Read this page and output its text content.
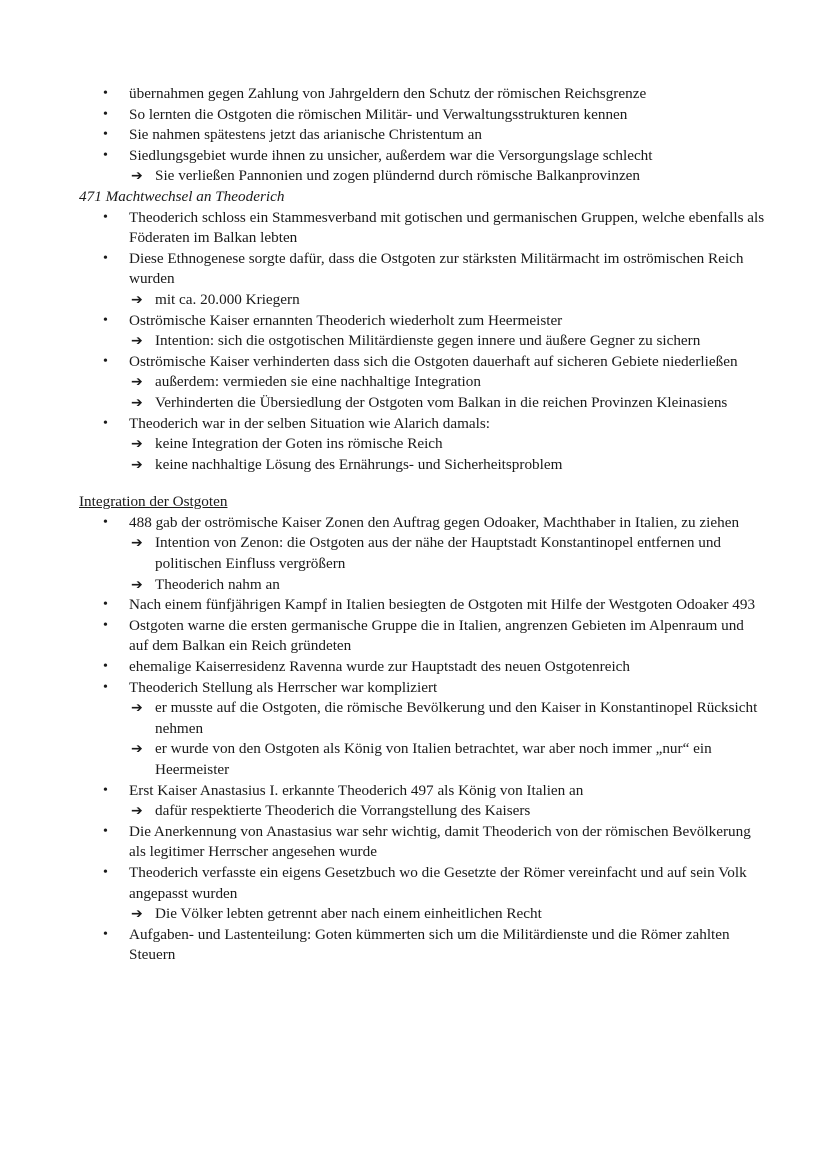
• übernahmen gegen Zahlung von Jahrgeldern den Schutz der römischen Reichsgrenze

• So lernten die Ostgoten die römischen Militär- und Verwaltungsstrukturen kennen

• Sie nahmen spätestens jetzt das arianische Christentum an

• Siedlungsgebiet wurde ihnen zu unsicher, außerdem war die Versorgungslage schlecht

➔ Sie verließen Pannonien und zogen plündernd durch römische Balkanprovinzen

471 Machtwechsel an Theoderich

• Theoderich schloss ein Stammesverband mit gotischen und germanischen Gruppen, welche ebenfalls als Föderaten im Balkan lebten

• Diese Ethnogenese sorgte dafür, dass die Ostgoten zur stärksten Militärmacht im oströmischen Reich wurden

➔ mit ca. 20.000 Kriegern

• Oströmische Kaiser ernannten Theoderich wiederholt zum Heermeister

➔ Intention: sich die ostgotischen Militärdienste gegen innere und äußere Gegner zu sichern

• Oströmische Kaiser verhinderten dass sich die Ostgoten dauerhaft auf sicheren Gebiete niederließen

➔ außerdem: vermieden sie eine nachhaltige Integration

➔ Verhinderten die Übersiedlung der Ostgoten vom Balkan in die reichen Provinzen Kleinasiens

• Theoderich war in der selben Situation wie Alarich damals:

➔ keine Integration der Goten ins römische Reich

➔ keine nachhaltige Lösung des Ernährungs- und Sicherheitsproblem

Integration der Ostgoten

• 488 gab der oströmische Kaiser Zonen den Auftrag gegen Odoaker, Machthaber in Italien, zu ziehen

➔ Intention von Zenon: die Ostgoten aus der nähe der Hauptstadt Konstantinopel entfernen und politischen Einfluss vergrößern

➔ Theoderich nahm an

• Nach einem fünfjährigen Kampf in Italien besiegten de Ostgoten mit Hilfe der Westgoten Odoaker 493

• Ostgoten warne die ersten germanische Gruppe die in Italien, angrenzen Gebieten im Alpenraum und auf dem Balkan ein Reich gründeten

• ehemalige Kaiserresidenz Ravenna wurde zur Hauptstadt des neuen Ostgotenreich

• Theoderich Stellung als Herrscher war kompliziert

➔ er musste auf die Ostgoten, die römische Bevölkerung und den Kaiser in Konstantinopel Rücksicht nehmen

➔ er wurde von den Ostgoten als König von Italien betrachtet, war aber noch immer „nur“ ein Heermeister

• Erst Kaiser Anastasius I. erkannte Theoderich 497 als König von Italien an

➔ dafür respektierte Theoderich die Vorrangstellung des Kaisers

• Die Anerkennung von Anastasius war sehr wichtig, damit Theoderich von der römischen Bevölkerung als legitimer Herrscher angesehen wurde

• Theoderich verfasste ein eigens Gesetzbuch wo die Gesetzte der Römer vereinfacht und auf sein Volk angepasst wurden

➔ Die Völker lebten getrennt aber nach einem einheitlichen Recht

• Aufgaben- und Lastenteilung: Goten kümmerten sich um die Militärdienste und die Römer zahlten Steuern
